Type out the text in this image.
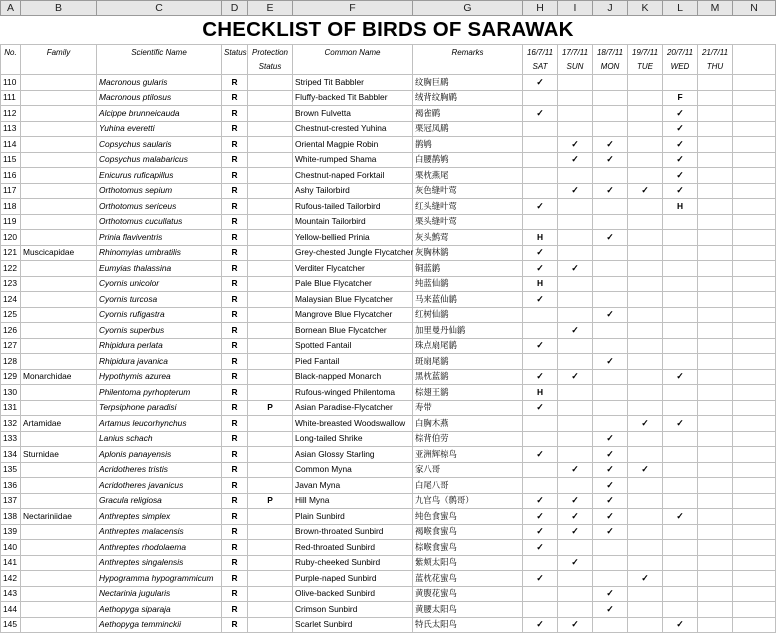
A	B	C	D	E	F	G	H	I	J	K	L	M	N
CHECKLIST OF BIRDS OF SARAWAK													
No.	Family	Scientific Name	Status	Protection	Common Name	Remarks	16/7/11	17/7/11	18/7/11	19/7/11	20/7/11	21/7/11	
				Status			SAT	SUN	MON	TUE	WED	THU	
110		Macronous gularis	R		Striped Tit Babbler	纹胸巨鹛	✓						
111		Macronous ptilosus	R		Fluffy-backed Tit Babbler	绒背纹胸鹛					F		
112		Alcippe brunneicauda	R		Brown Fulvetta	褐雀鹛	✓				✓		
113		Yuhina everetti	R		Chestnut-crested Yuhina	栗冠凤鹛					✓		
114		Copsychus saularis	R		Oriental Magpie Robin	鹊鸲		✓	✓		✓		
115		Copsychus malabaricus	R		White-rumped Shama	白腰鹊鸲		✓	✓		✓		
116		Enicurus ruficapillus	R		Chestnut-naped Forktail	栗枕燕尾					✓		
117		Orthotomus sepium	R		Ashy Tailorbird	灰色缝叶莺		✓	✓	✓	✓		
118		Orthotomus sericeus	R		Rufous-tailed Tailorbird	红头缝叶莺	✓				H		
119		Orthotomus cucullatus	R		Mountain Tailorbird	栗头缝叶莺							
120		Prinia flaviventris	R		Yellow-bellied Prinia	灰头鹪莺	H		✓				
121	Muscicapidae	Rhinomyias umbratilis	R		Grey-chested Jungle Flycatcher	灰胸林鹟	✓						
122		Eumyias thalassina	R		Verditer Flycatcher	铜蓝鹟	✓	✓					
123		Cyornis unicolor	R		Pale Blue Flycatcher	纯蓝仙鹟	H						
124		Cyornis turcosa	R		Malaysian Blue Flycatcher	马来蓝仙鹟	✓						
125		Cyornis rufigastra	R		Mangrove Blue Flycatcher	红树仙鹟			✓				
126		Cyornis superbus	R		Bornean Blue Flycatcher	加里曼丹仙鹟		✓					
127		Rhipidura perlata	R		Spotted Fantail	珠点扇尾鹟	✓						
128		Rhipidura javanica	R		Pied Fantail	斑扇尾鹟			✓				
129	Monarchidae	Hypothymis azurea	R		Black-napped Monarch	黑枕蓝鹟	✓	✓			✓		
130		Philentoma pyrhopterum	R		Rufous-winged Philentoma	棕翅王鹟	H						
131		Terpsiphone paradisi	R	P	Asian Paradise-Flycatcher	寿带	✓						
132	Artamidae	Artamus leucorhynchus	R		White-breasted Woodswallow	白胸木燕				✓	✓		
133		Lanius schach	R		Long-tailed Shrike	棕背伯劳			✓				
134	Sturnidae	Aplonis panayensis	R		Asian Glossy Starling	亚洲辉椋鸟	✓		✓				
135		Acridotheres tristis	R		Common Myna	家八哥		✓	✓	✓			
136		Acridotheres javanicus	R		Javan Myna	白尾八哥			✓				
137		Gracula religiosa	R	P	Hill Myna	九官鸟（鹩哥）	✓	✓	✓				
138	Nectariniidae	Anthreptes simplex	R		Plain Sunbird	纯色食蜜鸟	✓	✓	✓		✓		
139		Anthreptes malacensis	R		Brown-throated Sunbird	褐喉食蜜鸟	✓	✓	✓				
140		Anthreptes rhodolaema	R		Red-throated Sunbird	棕喉食蜜鸟	✓						
141		Anthreptes singalensis	R		Ruby-cheeked Sunbird	紫颊太阳鸟		✓					
142		Hypogramma hypogrammicum	R		Purple-naped Sunbird	蓝枕花蜜鸟	✓			✓			
143		Nectarinia jugularis	R		Olive-backed Sunbird	黄腹花蜜鸟			✓				
144		Aethopyga siparaja	R		Crimson Sunbird	黄腰太阳鸟			✓				
145		Aethopyga temminckii	R		Scarlet Sunbird	特氏太阳鸟	✓	✓			✓		
